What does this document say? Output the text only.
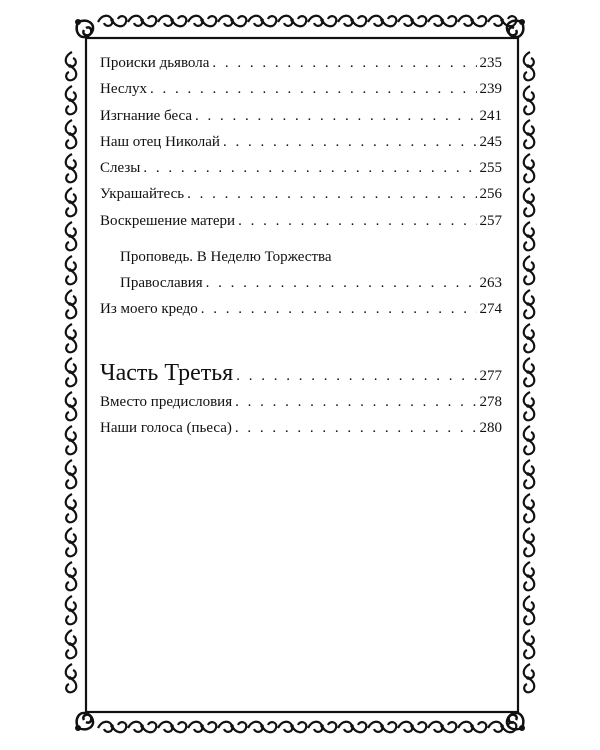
Происки дьявола . . .	235
Неслух . . .	239
Изгнание беса . . .	241
Наш отец Николай . . .	245
Слезы . . .	255
Украшайтесь . . .	256
Воскрешение матери . . .	257
Проповедь. В Неделю Торжества
Православия . . .	263
Из моего кредо . . .	274
Часть Третья . . .	277
Вместо предисловия . . .	278
Наши голоса (пьеса) . . .	280
